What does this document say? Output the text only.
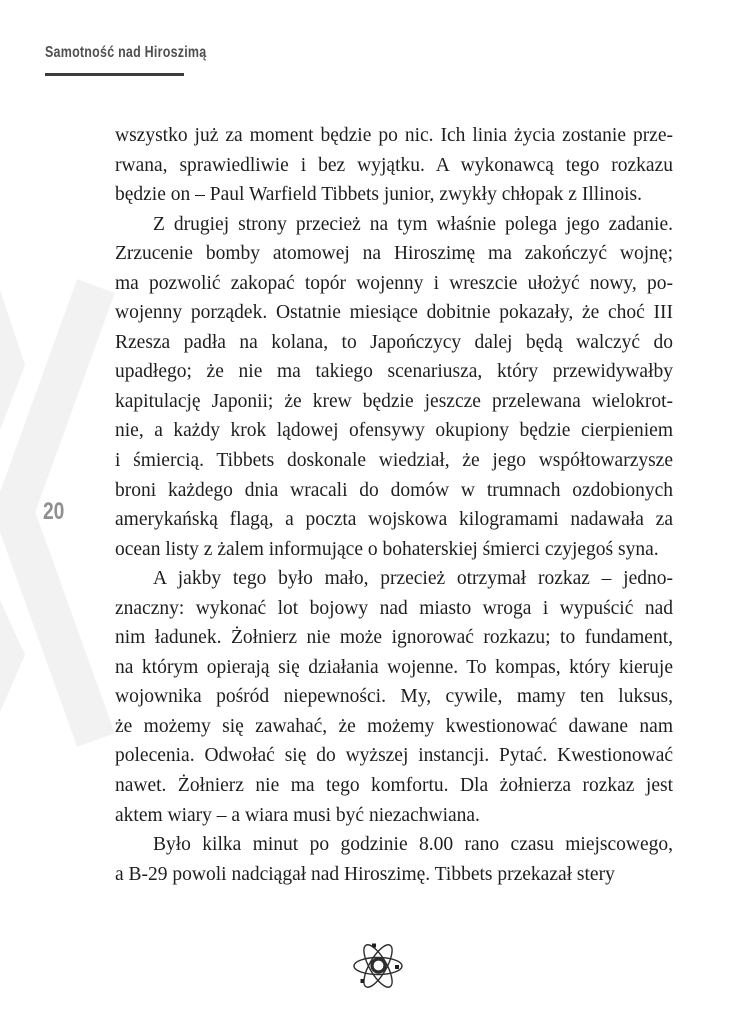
Samotność nad Hiroszimą
20
wszystko już za moment będzie po nic. Ich linia życia zostanie prze-
rwana, sprawiedliwie i bez wyjątku. A wykonawcą tego rozkazu
będzie on – Paul Warfield Tibbets junior, zwykły chłopak z Illinois.
Z drugiej strony przecież na tym właśnie polega jego zadanie.
Zrzucenie bomby atomowej na Hiroszimę ma zakończyć wojnę;
ma pozwolić zakopać topór wojenny i wreszcie ułożyć nowy, po-
wojenny porządek. Ostatnie miesiące dobitnie pokazały, że choć III
Rzesza padła na kolana, to Japończycy dalej będą walczyć do
upadłego; że nie ma takiego scenariusza, który przewidywałby
kapitulację Japonii; że krew będzie jeszcze przelewana wielokrot-
nie, a każdy krok lądowej ofensywy okupiony będzie cierpieniem
i śmiercią. Tibbets doskonale wiedział, że jego współtowarzysze
broni każdego dnia wracali do domów w trumnach ozdobionych
amerykańską flagą, a poczta wojskowa kilogramami nadawała za
ocean listy z żalem informujące o bohaterskiej śmierci czyjegoś syna.
A jakby tego było mało, przecież otrzymał rozkaz – jedno-
znaczny: wykonać lot bojowy nad miasto wroga i wypuścić nad
nim ładunek. Żołnierz nie może ignorować rozkazu; to fundament,
na którym opierają się działania wojenne. To kompas, który kieruje
wojownika pośród niepewności. My, cywile, mamy ten luksus,
że możemy się zawahać, że możemy kwestionować dawane nam
polecenia. Odwołać się do wyższej instancji. Pytać. Kwestionować
nawet. Żołnierz nie ma tego komfortu. Dla żołnierza rozkaz jest
aktem wiary – a wiara musi być niezachwiana.
Było kilka minut po godzinie 8.00 rano czasu miejscowego,
a B-29 powoli nadciągał nad Hiroszimę. Tibbets przekazał stery
